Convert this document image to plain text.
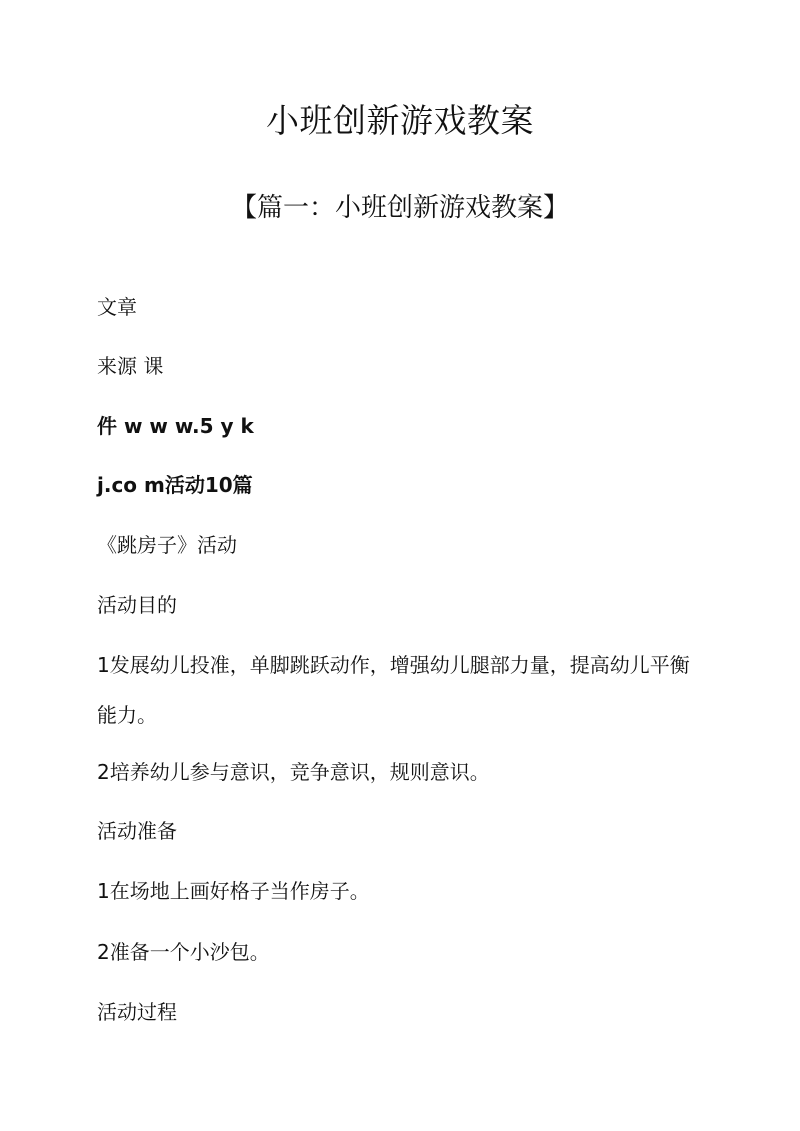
小班创新游戏教案
【篇一：小班创新游戏教案】
文章
来源 课
件 w w w.5 y k
j.co m活动10篇
《跳房子》活动
活动目的
1发展幼儿投准，单脚跳跃动作，增强幼儿腿部力量，提高幼儿平衡
能力。
2培养幼儿参与意识，竞争意识，规则意识。
活动准备
1在场地上画好格子当作房子。
2准备一个小沙包。
活动过程
